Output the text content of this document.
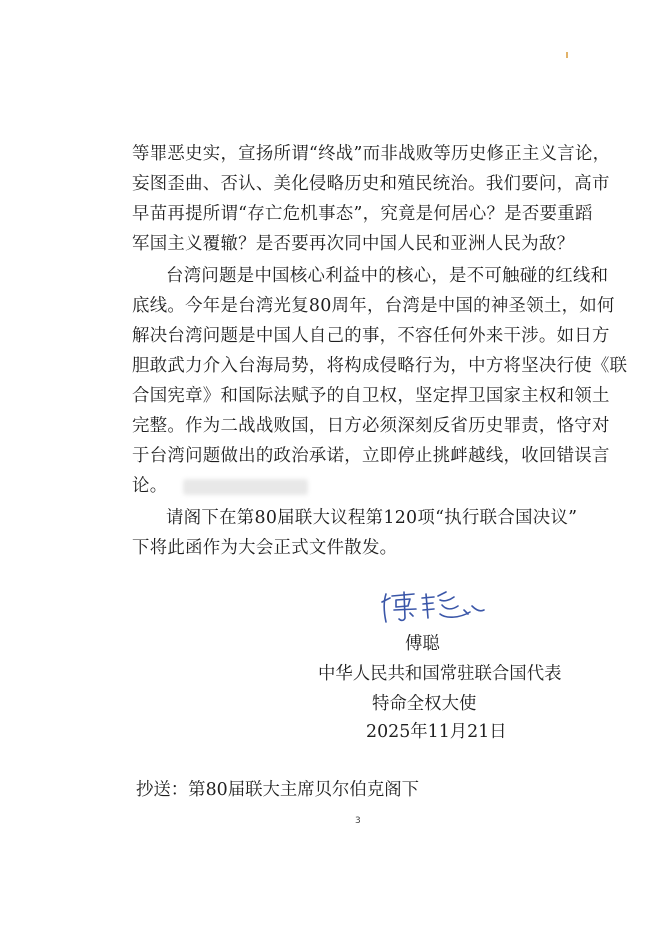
等罪恶史实，宣扬所谓“终战”而非战败等历史修正主义言论，
妄图歪曲、否认、美化侵略历史和殖民统治。我们要问，高市
早苗再提所谓“存亡危机事态”，究竟是何居心？是否要重蹈
军国主义覆辙？是否要再次同中国人民和亚洲人民为敌？
台湾问题是中国核心利益中的核心，是不可触碰的红线和
底线。今年是台湾光复80周年，台湾是中国的神圣领土，如何
解决台湾问题是中国人自己的事，不容任何外来干涉。如日方
胆敢武力介入台海局势，将构成侵略行为，中方将坚决行使《联
合国宪章》和国际法赋予的自卫权，坚定捍卫国家主权和领土
完整。作为二战战败国，日方必须深刻反省历史罪责，恪守对
于台湾问题做出的政治承诺，立即停止挑衅越线，收回错误言
论。
请阁下在第80届联大议程第120项“执行联合国决议”
下将此函作为大会正式文件散发。
傅聪
中华人民共和国常驻联合国代表
特命全权大使
2025年11月21日
抄送：第80届联大主席贝尔伯克阁下
3
